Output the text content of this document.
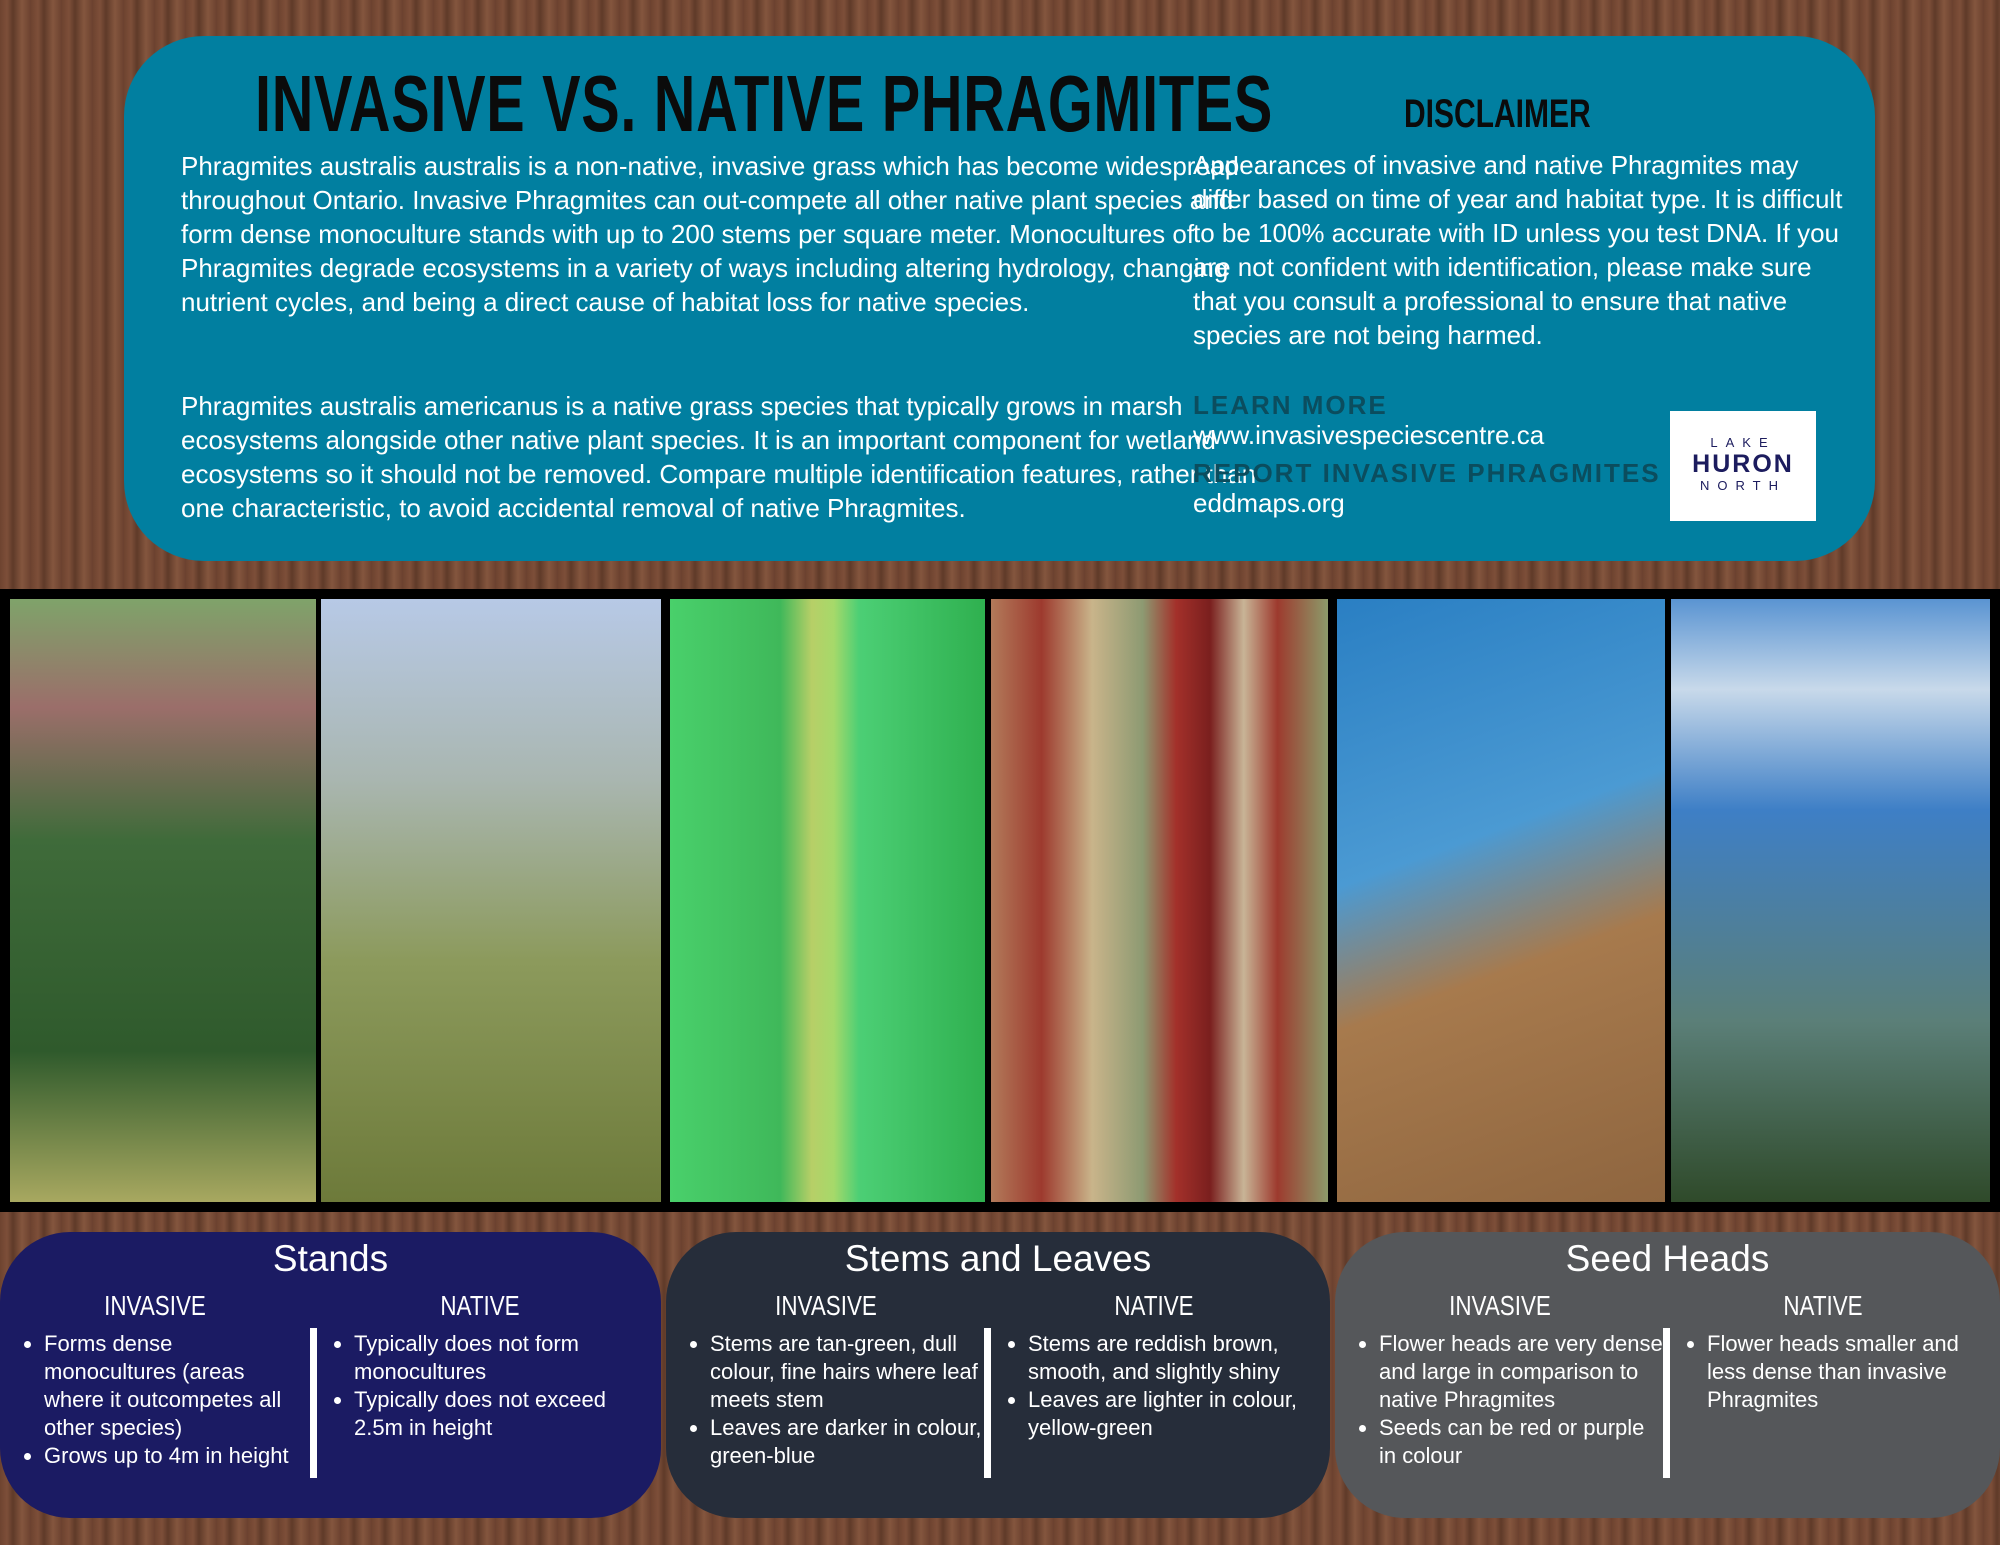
INVASIVE VS. NATIVE PHRAGMITES

Phragmites australis australis is a non-native, invasive grass which has become widespread throughout Ontario. Invasive Phragmites can out-compete all other native plant species and form dense monoculture stands with up to 200 stems per square meter. Monocultures of Phragmites degrade ecosystems in a variety of ways including altering hydrology, changing nutrient cycles, and being a direct cause of habitat loss for native species.

Phragmites australis americanus is a native grass species that typically grows in marsh ecosystems alongside other native plant species. It is an important component for wetland ecosystems so it should not be removed. Compare multiple identification features, rather than one characteristic, to avoid accidental removal of native Phragmites.

DISCLAIMER

Appearances of invasive and native Phragmites may differ based on time of year and habitat type. It is difficult to be 100% accurate with ID unless you test DNA. If you are not confident with identification, please make sure that you consult a professional to ensure that native species are not being harmed.

LEARN MORE
www.invasivespeciescentre.ca
REPORT INVASIVE PHRAGMITES
eddmaps.org
LAKE
HURON
NORTH
Stands
INVASIVE
• Forms dense monocultures (areas where it outcompetes all other species)
• Grows up to 4m in height
NATIVE
• Typically does not form monocultures
• Typically does not exceed 2.5m in height
Stems and Leaves
INVASIVE
• Stems are tan-green, dull colour, fine hairs where leaf meets stem
• Leaves are darker in colour, green-blue
NATIVE
• Stems are reddish brown, smooth, and slightly shiny
• Leaves are lighter in colour, yellow-green
Seed Heads
INVASIVE
• Flower heads are very dense and large in comparison to native Phragmites
• Seeds can be red or purple in colour
NATIVE
• Flower heads smaller and less dense than invasive Phragmites
